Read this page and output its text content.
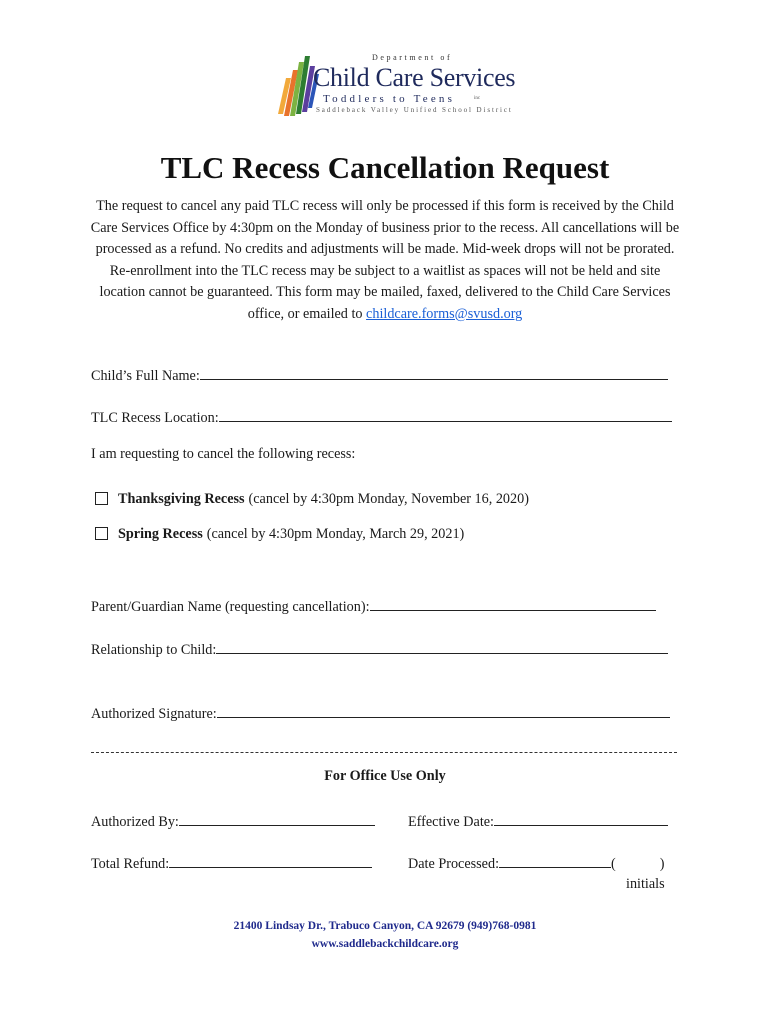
Department of
Child Care Services
Toddlers to Teens	inc
Saddleback Valley Unified School District
TLC Recess Cancellation Request

The request to cancel any paid TLC recess will only be processed if this form is received by the Child Care Services Office by 4:30pm on the Monday of business prior to the recess. All cancellations will be processed as a refund. No credits and adjustments will be made. Mid-week drops will not be prorated. Re-enrollment into the TLC recess may be subject to a waitlist as spaces will not be held and site location cannot be guaranteed. This form may be mailed, faxed, delivered to the Child Care Services office, or emailed to childcare.forms@svusd.org

Child’s Full Name:
TLC Recess Location:
I am requesting to cancel the following recess:
Thanksgiving Recess (cancel by 4:30pm Monday, November 16, 2020)
Spring Recess (cancel by 4:30pm Monday, March 29, 2021)
Parent/Guardian Name (requesting cancellation):
Relationship to Child:
Authorized Signature:
For Office Use Only
Authorized By:	Effective Date:
Total Refund:	Date Processed:	(	)
initials
21400 Lindsay Dr., Trabuco Canyon, CA 92679 (949)768-0981
www.saddlebackchildcare.org
